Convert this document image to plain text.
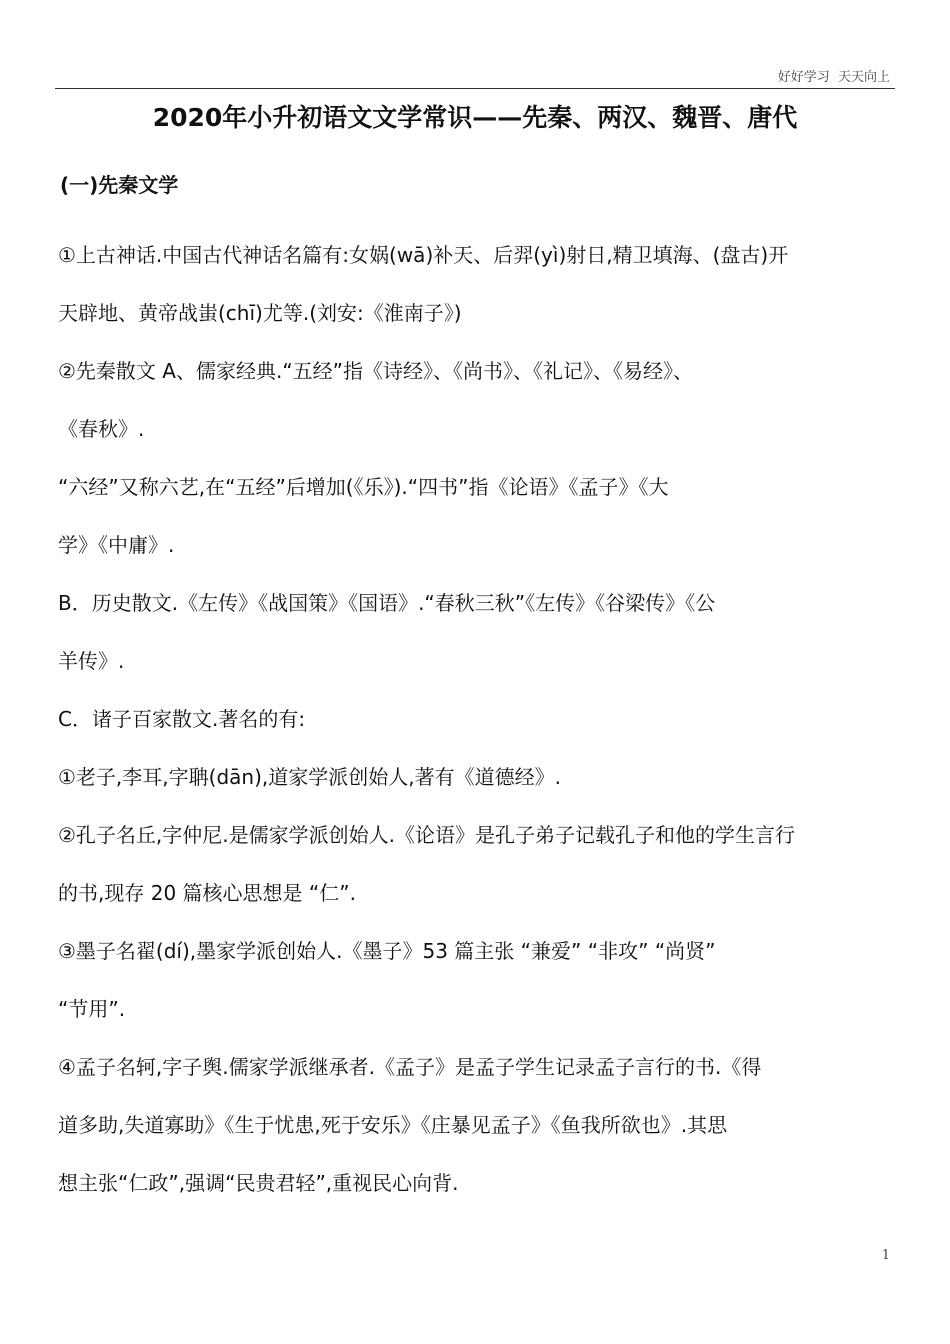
好好学习  天天向上
2020年小升初语文文学常识——先秦、两汉、魏晋、唐代
(一)先秦文学
①上古神话.中国古代神话名篇有:女娲(wā)补天、后羿(yì)射日,精卫填海、(盘古)开
天辟地、黄帝战蚩(chī)尤等.(刘安:《淮南子》)
②先秦散文 A、儒家经典.“五经”指《诗经》、《尚书》、《礼记》、《易经》、
《春秋》.
“六经”又称六艺,在“五经”后增加(《乐》).“四书”指《论语》《孟子》《大
学》《中庸》.
B．历史散文.《左传》《战国策》《国语》.“春秋三秋”《左传》《谷梁传》《公
羊传》.
C．诸子百家散文.著名的有:
①老子,李耳,字聃(dān),道家学派创始人,著有《道德经》.
②孔子名丘,字仲尼.是儒家学派创始人.《论语》是孔子弟子记载孔子和他的学生言行
的书,现存 20 篇核心思想是 “仁”.
③墨子名翟(dí),墨家学派创始人.《墨子》53 篇主张 “兼爱” “非攻” “尚贤”
“节用”.
④孟子名轲,字子舆.儒家学派继承者.《孟子》是孟子学生记录孟子言行的书.《得
道多助,失道寡助》《生于忧患,死于安乐》《庄暴见孟子》《鱼我所欲也》.其思
想主张“仁政”,强调“民贵君轻”,重视民心向背.
1
